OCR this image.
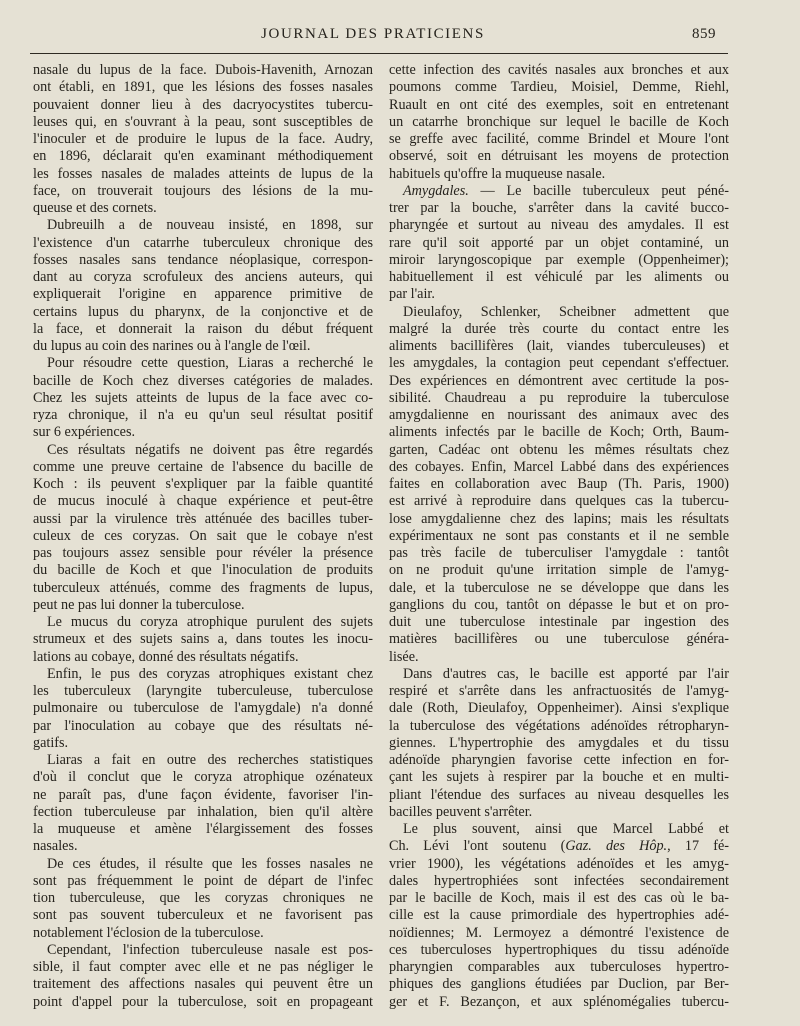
JOURNAL DES PRATICIENS	859
nasale du lupus de la face. Dubois-Havenith, Arnozan
ont établi, en 1891, que les lésions des fosses nasales
pouvaient donner lieu à des dacryocystites tubercu-
leuses qui, en s'ouvrant à la peau, sont susceptibles de
l'inoculer et de produire le lupus de la face. Audry,
en 1896, déclarait qu'en examinant méthodiquement
les fosses nasales de malades atteints de lupus de la
face, on trouverait toujours des lésions de la mu-
queuse et des cornets.
Dubreuilh a de nouveau insisté, en 1898, sur
l'existence d'un catarrhe tuberculeux chronique des
fosses nasales sans tendance néoplasique, correspon-
dant au coryza scrofuleux des anciens auteurs, qui
expliquerait l'origine en apparence primitive de
certains lupus du pharynx, de la conjonctive et de
la face, et donnerait la raison du début fréquent
du lupus au coin des narines ou à l'angle de l'œil.
Pour résoudre cette question, Liaras a recherché le
bacille de Koch chez diverses catégories de malades.
Chez les sujets atteints de lupus de la face avec co-
ryza chronique, il n'a eu qu'un seul résultat positif
sur 6 expériences.
Ces résultats négatifs ne doivent pas être regardés
comme une preuve certaine de l'absence du bacille de
Koch : ils peuvent s'expliquer par la faible quantité
de mucus inoculé à chaque expérience et peut-être
aussi par la virulence très atténuée des bacilles tuber-
culeux de ces coryzas. On sait que le cobaye n'est
pas toujours assez sensible pour révéler la présence
du bacille de Koch et que l'inoculation de produits
tuberculeux atténués, comme des fragments de lupus,
peut ne pas lui donner la tuberculose.
Le mucus du coryza atrophique purulent des sujets
strumeux et des sujets sains a, dans toutes les inocu-
lations au cobaye, donné des résultats négatifs.
Enfin, le pus des coryzas atrophiques existant chez
les tuberculeux (laryngite tuberculeuse, tuberculose
pulmonaire ou tuberculose de l'amygdale) n'a donné
par l'inoculation au cobaye que des résultats né-
gatifs.
Liaras a fait en outre des recherches statistiques
d'où il conclut que le coryza atrophique ozénateux
ne paraît pas, d'une façon évidente, favoriser l'in-
fection tuberculeuse par inhalation, bien qu'il altère
la muqueuse et amène l'élargissement des fosses
nasales.
De ces études, il résulte que les fosses nasales ne
sont pas fréquemment le point de départ de l'infec
tion tuberculeuse, que les coryzas chroniques ne
sont pas souvent tuberculeux et ne favorisent pas
notablement l'éclosion de la tuberculose.
Cependant, l'infection tuberculeuse nasale est pos-
sible, il faut compter avec elle et ne pas négliger le
traitement des affections nasales qui peuvent être un
point d'appel pour la tuberculose, soit en propageant
cette infection des cavités nasales aux bronches et aux
poumons comme Tardieu, Moisiel, Demme, Riehl,
Ruault en ont cité des exemples, soit en entretenant
un catarrhe bronchique sur lequel le bacille de Koch
se greffe avec facilité, comme Brindel et Moure l'ont
observé, soit en détruisant les moyens de protection
habituels qu'offre la muqueuse nasale.
Amygdales. — Le bacille tuberculeux peut péné-
trer par la bouche, s'arrêter dans la cavité bucco-
pharyngée et surtout au niveau des amydales. Il est
rare qu'il soit apporté par un objet contaminé, un
miroir laryngoscopique par exemple (Oppenheimer);
habituellement il est véhiculé par les aliments ou
par l'air.
Dieulafoy, Schlenker, Scheibner admettent que
malgré la durée très courte du contact entre les
aliments bacillifères (lait, viandes tuberculeuses) et
les amygdales, la contagion peut cependant s'effectuer.
Des expériences en démontrent avec certitude la pos-
sibilité. Chaudreau a pu reproduire la tuberculose
amygdalienne en nourissant des animaux avec des
aliments infectés par le bacille de Koch; Orth, Baum-
garten, Cadéac ont obtenu les mêmes résultats chez
des cobayes. Enfin, Marcel Labbé dans des expériences
faites en collaboration avec Baup (Th. Paris, 1900)
est arrivé à reproduire dans quelques cas la tubercu-
lose amygdalienne chez des lapins; mais les résultats
expérimentaux ne sont pas constants et il ne semble
pas très facile de tuberculiser l'amygdale : tantôt
on ne produit qu'une irritation simple de l'amyg-
dale, et la tuberculose ne se développe que dans les
ganglions du cou, tantôt on dépasse le but et on pro-
duit une tuberculose intestinale par ingestion des
matières bacillifères ou une tuberculose généra-
lisée.
Dans d'autres cas, le bacille est apporté par l'air
respiré et s'arrête dans les anfractuosités de l'amyg-
dale (Roth, Dieulafoy, Oppenheimer). Ainsi s'explique
la tuberculose des végétations adénoïdes rétropharyn-
giennes. L'hypertrophie des amygdales et du tissu
adénoïde pharyngien favorise cette infection en for-
çant les sujets à respirer par la bouche et en multi-
pliant l'étendue des surfaces au niveau desquelles les
bacilles peuvent s'arrêter.
Le plus souvent, ainsi que Marcel Labbé et
Ch. Lévi l'ont soutenu (Gaz. des Hôp., 17 fé-
vrier 1900), les végétations adénoïdes et les amyg-
dales hypertrophiées sont infectées secondairement
par le bacille de Koch, mais il est des cas où le ba-
cille est la cause primordiale des hypertrophies adé-
noïdiennes; M. Lermoyez a démontré l'existence de
ces tuberculoses hypertrophiques du tissu adénoïde
pharyngien comparables aux tuberculoses hypertro-
phiques des ganglions étudiées par Duclion, par Ber-
ger et F. Bezançon, et aux splénomégalies tubercu-
